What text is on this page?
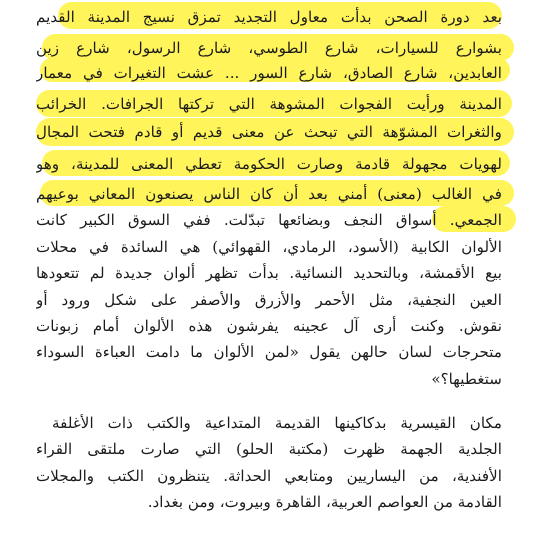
بعد دورة الصحن بدأت معاول التجديد تمزق نسيج المدينة القديم
بشوارع للسيارات، شارع الطوسي، شارع الرسول، شارع زين
العابدين، شارع الصادق، شارع السور ... عشت التغيرات في معمار
المدينة ورأيت الفجوات المشوهة التي تركتها الجرافات. الخرائب
والثغرات المشوّهة التي تبحث عن معنى قديم أو قادم فتحت المجال
لهويات مجهولة قادمة وصارت الحكومة تعطي المعنى للمدينة، وهو
في الغالب (معنى) أمني بعد أن كان الناس يصنعون المعاني بوعيهم
الجمعي. أسواق النجف وبضائعها تبدّلت. ففي السوق الكبير كانت
الألوان الكابية (الأسود، الرمادي، القهوائي) هي السائدة في محلات
بيع الأقمشة، وبالتحديد النسائية. بدأت تظهر ألوان جديدة لم تتعودها
العين النجفية، مثل الأحمر والأزرق والأصفر على شكل ورود أو
نقوش. وكنت أرى آل عجينه يفرشون هذه الألوان أمام زبونات
متحرجات لسان حالهن يقول «لمن الألوان ما دامت العباءة السوداء
ستغطيها؟»
مكان القيسرية بدكاكينها القديمة المتداعية والكتب ذات الأغلفة
الجلدية الجهمة ظهرت (مكتبة الحلو) التي صارت ملتقى القراء
الأفندية، من اليساريين ومتابعي الحداثة. يتنظرون الكتب والمجلات
القادمة من العواصم العربية، القاهرة وبيروت، ومن بغداد.
